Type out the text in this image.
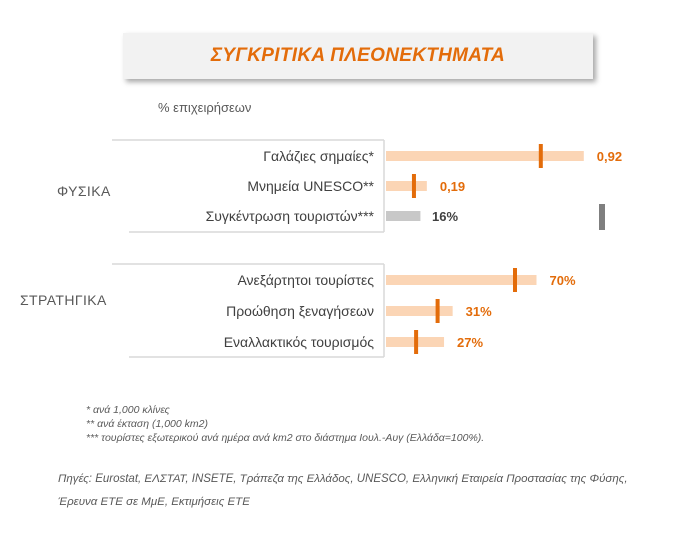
ΣΥΓΚΡΙΤΙΚΑ ΠΛΕΟΝΕΚΤΗΜΑΤΑ
% επιχειρήσεων
ΦΥΣΙΚΑ
Γαλάζιες σημαίες*	0,92
Μνημεία UNESCO**	0,19
Συγκέντρωση τουριστών***	16%
ΣΤΡΑΤΗΓΙΚΑ
Ανεξάρτητοι τουρίστες	70%
Προώθηση ξεναγήσεων	31%
Εναλλακτικός τουρισμός	27%
* ανά 1,000 κλίνες
** ανά έκταση (1,000 km2)
*** τουρίστες εξωτερικού ανά ημέρα ανά km2 στο διάστημα Ιουλ.-Αυγ (Ελλάδα=100%).
Πηγές: Eurostat, ΕΛΣΤΑΤ, INSETE, Τράπεζα της Ελλάδος, UNESCO, Ελληνική Εταιρεία Προστασίας της Φύσης, Έρευνα ΕΤΕ σε ΜμΕ, Εκτιμήσεις ΕΤΕ
